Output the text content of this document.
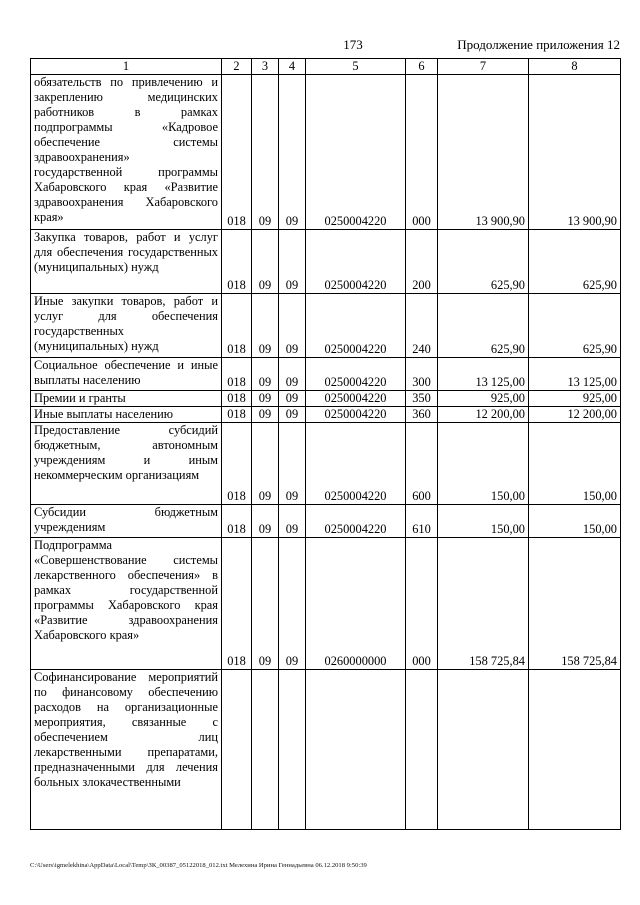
173	Продолжение приложения 12
1	2	3	4	5	6	7	8
обязательств по привлечению и закреплению медицинских работников в рамках подпрограммы «Кадровое обеспечение системы здравоохранения» государственной программы Хабаровского края «Развитие здравоохранения Хабаровского края»	018	09	09	0250004220	000	13 900,90	13 900,90
Закупка товаров, работ и услуг для обеспечения государственных (муниципальных) нужд	018	09	09	0250004220	200	625,90	625,90
Иные закупки товаров, работ и услуг для обеспечения государственных (муниципальных) нужд	018	09	09	0250004220	240	625,90	625,90
Социальное обеспечение и иные выплаты населению	018	09	09	0250004220	300	13 125,00	13 125,00
Премии и гранты	018	09	09	0250004220	350	925,00	925,00
Иные выплаты населению	018	09	09	0250004220	360	12 200,00	12 200,00
Предоставление субсидий бюджетным, автономным учреждениям и иным некоммерческим организациям	018	09	09	0250004220	600	150,00	150,00
Субсидии бюджетным учреждениям	018	09	09	0250004220	610	150,00	150,00
Подпрограмма «Совершенствование системы лекарственного обеспечения» в рамках государственной программы Хабаровского края «Развитие здравоохранения Хабаровского края»	018	09	09	0260000000	000	158 725,84	158 725,84
Софинансирование мероприятий по финансовому обеспечению расходов на организационные мероприятия, связанные с обеспечением лиц лекарственными препаратами, предназначенными для лечения больных злокачественными							
C:\Users\igmelekhina\AppData\Local\Temp\ЗК_00387_05122018_012.txt Мелехина Ирина Геннадьевна 06.12.2018 9:50:39
